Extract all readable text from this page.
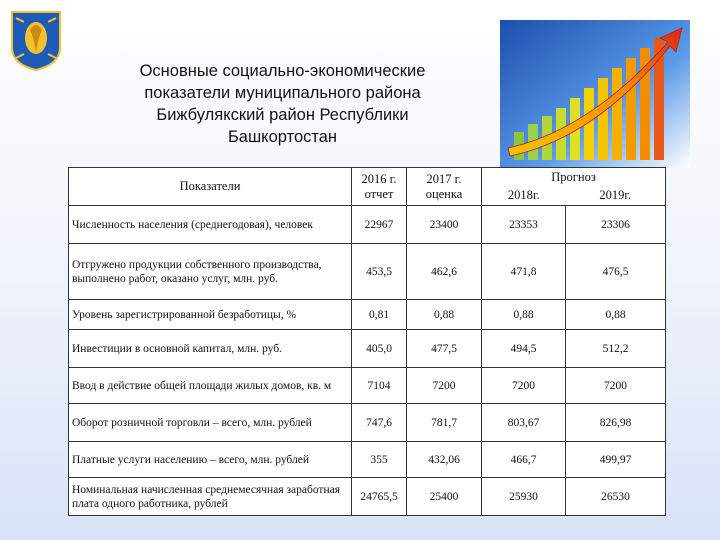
Основные социально-экономические
показатели муниципального района
Бижбулякский район Республики
Башкортостан
Показатели	2016 г. отчет	2017 г. оценка	Прогноз	
			2018г.	2019г.
Численность населения (среднегодовая), человек	22967	23400	23353	23306
Отгружено продукции собственного производства, выполнено работ, оказано услуг, млн. руб.	453,5	462,6	471,8	476,5
Уровень зарегистрированной безработицы, %	0,81	0,88	0,88	0,88
Инвестиции в основной капитал, млн. руб.	405,0	477,5	494,5	512,2
Ввод в действие общей площади жилых домов, кв. м	7104	7200	7200	7200
Оборот розничной торговли – всего, млн. рублей	747,6	781,7	803,67	826,98
Платные услуги населению – всего, млн. рублей	355	432,06	466,7	499,97
Номинальная начисленная среднемесячная заработная плата одного работника, рублей	24765,5	25400	25930	26530
